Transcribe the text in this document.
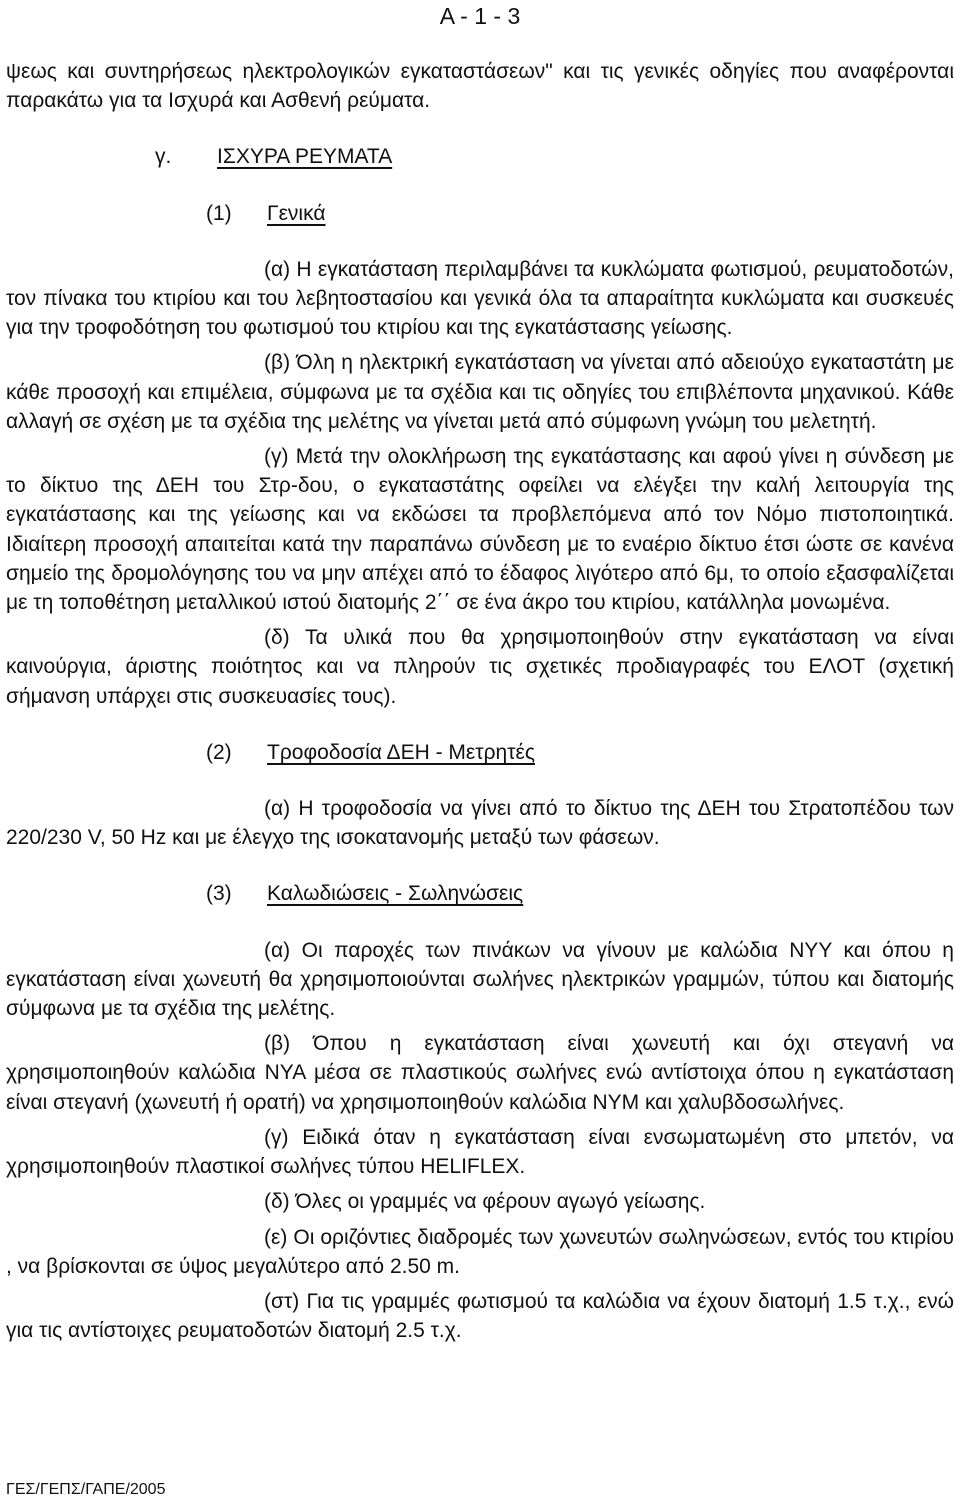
Α - 1 - 3

ψεως και συντηρήσεως ηλεκτρολογικών εγκαταστάσεων" και τις γενικές οδηγίες που αναφέρονται παρακάτω για τα Ισχυρά και Ασθενή ρεύματα.

γ. ΙΣΧΥΡΑ ΡΕΥΜΑΤΑ

(1) Γενικά

(α) Η εγκατάσταση περιλαμβάνει τα κυκλώματα φωτισμού, ρευματοδοτών, τον πίνακα του κτιρίου και του λεβητοστασίου και γενικά όλα τα απαραίτητα κυκλώματα και συσκευές για την τροφοδότηση του φωτισμού του κτιρίου και της εγκατάστασης γείωσης.

(β) Όλη η ηλεκτρική εγκατάσταση να γίνεται από αδειούχο εγκαταστάτη με κάθε προσοχή και επιμέλεια, σύμφωνα με τα σχέδια και τις οδηγίες του επιβλέποντα μηχανικού. Κάθε αλλαγή σε σχέση με τα σχέδια της μελέτης να γίνεται μετά από σύμφωνη γνώμη του μελετητή.

(γ) Μετά την ολοκλήρωση της εγκατάστασης και αφού γίνει η σύνδεση με το δίκτυο της ΔΕΗ του Στρ-δου, ο εγκαταστάτης οφείλει να ελέγξει την καλή λειτουργία της εγκατάστασης και της γείωσης και να εκδώσει τα προβλεπόμενα από τον Νόμο πιστοποιητικά. Ιδιαίτερη προσοχή απαιτείται κατά την παραπάνω σύνδεση με το εναέριο δίκτυο έτσι ώστε σε κανένα σημείο της δρομολόγησης του να μην απέχει από το έδαφος λιγότερο από 6μ, το οποίο εξασφαλίζεται με τη τοποθέτηση μεταλλικού ιστού διατομής 2΄΄ σε ένα άκρο του κτιρίου, κατάλληλα μονωμένα.

(δ) Τα υλικά που θα χρησιμοποιηθούν στην εγκατάσταση να είναι καινούργια, άριστης ποιότητος και να πληρούν τις σχετικές προδιαγραφές του ΕΛΟΤ (σχετική σήμανση υπάρχει στις συσκευασίες τους).

(2) Τροφοδοσία ΔΕΗ - Μετρητές

(α) Η τροφοδοσία να γίνει από το δίκτυο της ΔΕΗ του Στρατοπέδου των 220/230 V, 50 Hz και με έλεγχο της ισοκατανομής μεταξύ των φάσεων.

(3) Καλωδιώσεις - Σωληνώσεις

(α) Οι παροχές των πινάκων να γίνουν με καλώδια ΝΥΥ και όπου η εγκατάσταση είναι χωνευτή θα χρησιμοποιούνται σωλήνες ηλεκτρικών γραμμών, τύπου και διατομής σύμφωνα με τα σχέδια της μελέτης.

(β) Όπου η εγκατάσταση είναι χωνευτή και όχι στεγανή να χρησιμοποιηθούν καλώδια ΝΥΑ μέσα σε πλαστικούς σωλήνες ενώ αντίστοιχα όπου η εγκατάσταση είναι στεγανή (χωνευτή ή ορατή) να χρησιμοποιηθούν καλώδια ΝΥΜ και χαλυβδοσωλήνες.

(γ) Ειδικά όταν η εγκατάσταση είναι ενσωματωμένη στο μπετόν, να χρησιμοποιηθούν πλαστικοί σωλήνες τύπου HELIFLEX.

(δ) Όλες οι γραμμές να φέρουν αγωγό γείωσης.

(ε) Οι οριζόντιες διαδρομές των χωνευτών σωληνώσεων, εντός του κτιρίου , να βρίσκονται σε ύψος μεγαλύτερο από 2.50 m.

(στ) Για τις γραμμές φωτισμού τα καλώδια να έχουν διατομή 1.5 τ.χ., ενώ για τις αντίστοιχες ρευματοδοτών διατομή 2.5 τ.χ.

ΓΕΣ/ΓΕΠΣ/ΓΑΠΕ/2005
